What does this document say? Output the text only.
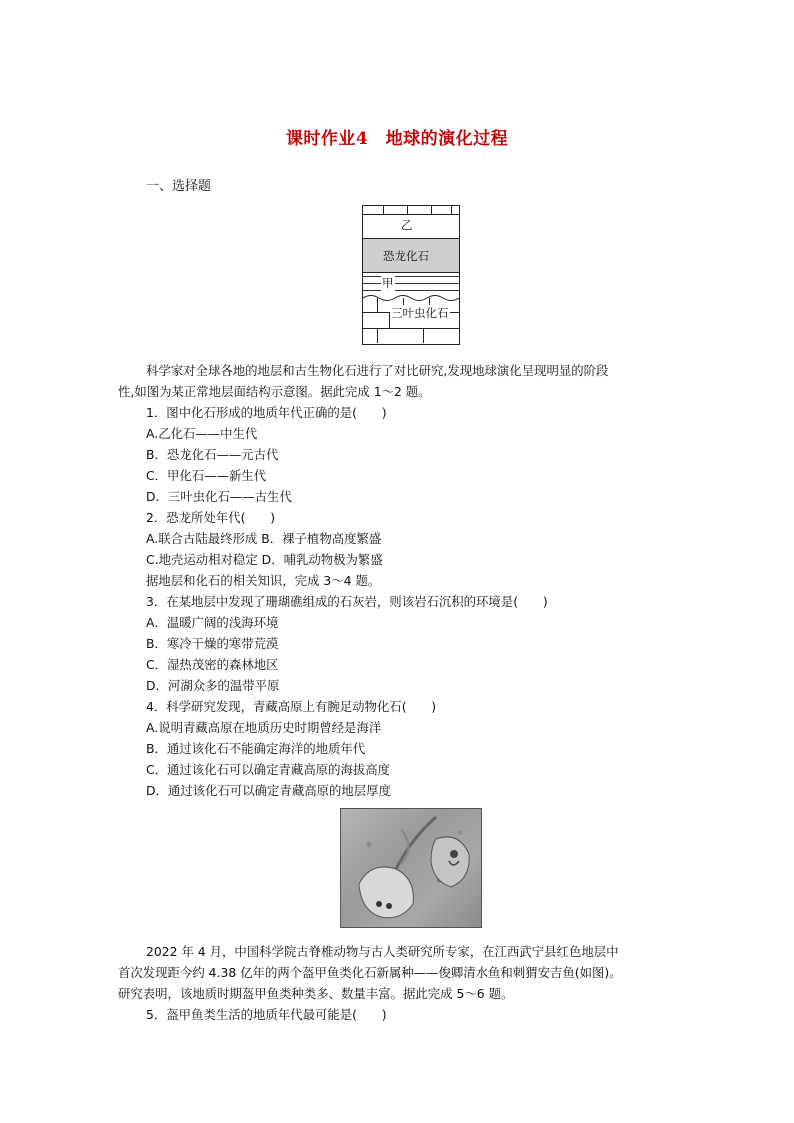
课时作业4　地球的演化过程
一、选择题
乙
恐龙化石
甲
三叶虫化石
科学家对全球各地的地层和古生物化石进行了对比研究,发现地球演化呈现明显的阶段
性,如图为某正常地层面结构示意图。据此完成 1～2 题。
1．图中化石形成的地质年代正确的是(　　)
A.乙化石——中生代
B．恐龙化石——元古代
C．甲化石——新生代
D．三叶虫化石——古生代
2．恐龙所处年代(　　)
A.联合古陆最终形成 B．裸子植物高度繁盛
C.地壳运动相对稳定 D．哺乳动物极为繁盛
据地层和化石的相关知识，完成 3～4 题。
3．在某地层中发现了珊瑚礁组成的石灰岩，则该岩石沉积的环境是(　　)
A．温暖广阔的浅海环境
B．寒冷干燥的寒带荒漠
C．湿热茂密的森林地区
D．河湖众多的温带平原
4．科学研究发现，青藏高原上有腕足动物化石(　　)
A.说明青藏高原在地质历史时期曾经是海洋
B．通过该化石不能确定海洋的地质年代
C．通过该化石可以确定青藏高原的海拔高度
D．通过该化石可以确定青藏高原的地层厚度
2022 年 4 月，中国科学院古脊椎动物与古人类研究所专家，在江西武宁县红色地层中
首次发现距今约 4.38 亿年的两个盔甲鱼类化石新属种——俊卿清水鱼和刺猬安吉鱼(如图)。
研究表明，该地质时期盔甲鱼类种类多、数量丰富。据此完成 5～6 题。
5．盔甲鱼类生活的地质年代最可能是(　　)
